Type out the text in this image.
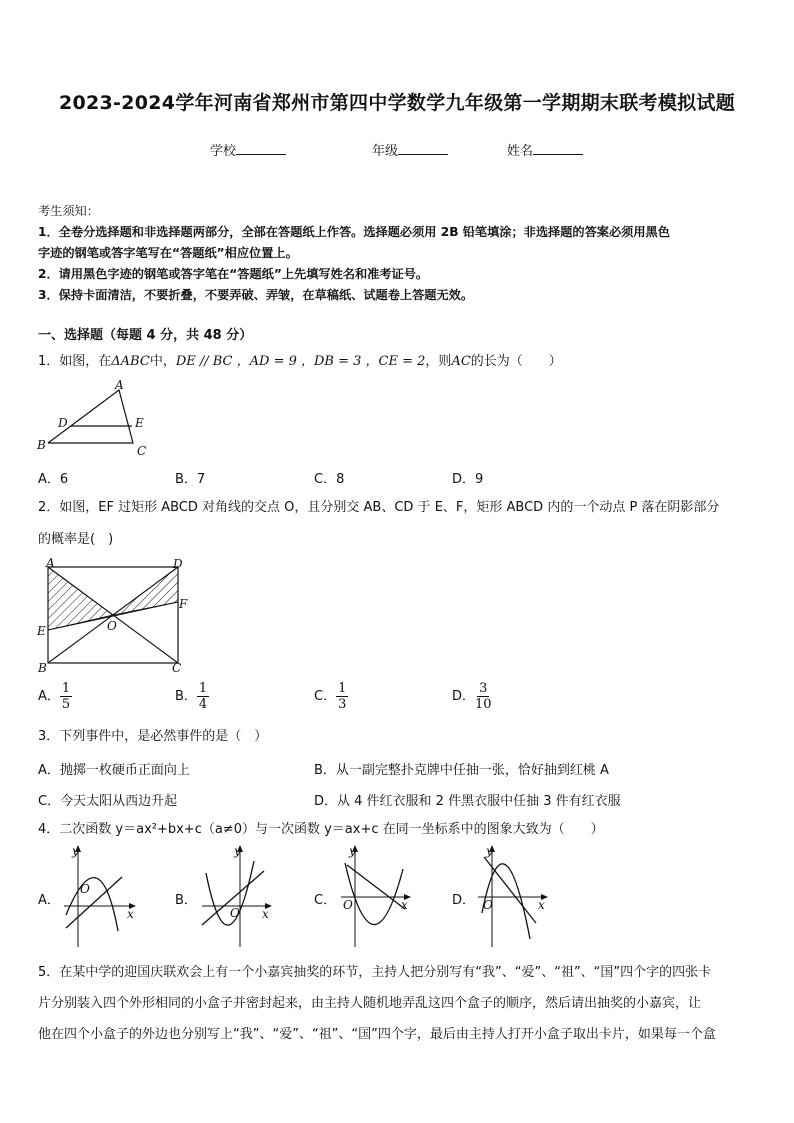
2023-2024学年河南省郑州市第四中学数学九年级第一学期期末联考模拟试题
学校	年级	姓名
考生须知：
1．全卷分选择题和非选择题两部分，全部在答题纸上作答。选择题必须用 2B 铅笔填涂；非选择题的答案必须用黑色
字迹的钢笔或答字笔写在“答题纸”相应位置上。
2．请用黑色字迹的钢笔或答字笔在“答题纸”上先填写姓名和准考证号。
3．保持卡面清洁，不要折叠，不要弄破、弄皱，在草稿纸、试题卷上答题无效。
一、选择题（每题 4 分，共 48 分）
1．如图，在ΔABC中，DE // BC ，AD = 9 ，DB = 3 ，CE = 2，则AC的长为（　　）
A
D	E
B	C
A．6	B．7	C．8	D．9
2．如图，EF 过矩形 ABCD 对角线的交点 O，且分别交 AB、CD 于 E、F，矩形 ABCD 内的一个动点 P 落在阴影部分
的概率是(　)
A	D
F
E	O
B	C
A． $\frac{1}{5}$	B． $\frac{1}{4}$	C． $\frac{1}{3}$	D． $\frac{3}{10}$
3．下列事件中，是必然事件的是（　）
A．抛掷一枚硬币正面向上	B．从一副完整扑克牌中任抽一张，恰好抽到红桃 A
C．今天太阳从西边升起	D．从 4 件红衣服和 2 件黑衣服中任抽 3 件有红衣服
4．二次函数 y＝ax²+bx+c（a≠0）与一次函数 y＝ax+c 在同一坐标系中的图象大致为（　　）
A．	B．	C．	D．
y
x
O
y
x
O
y
x
O
y
x
O
5．在某中学的迎国庆联欢会上有一个小嘉宾抽奖的环节，主持人把分别写有“我”、“爱”、“祖”、“国”四个字的四张卡
片分别装入四个外形相同的小盒子并密封起来，由主持人随机地弄乱这四个盒子的顺序，然后请出抽奖的小嘉宾，让
他在四个小盒子的外边也分别写上“我”、“爱”、“祖”、“国”四个字，最后由主持人打开小盒子取出卡片，如果每一个盒
